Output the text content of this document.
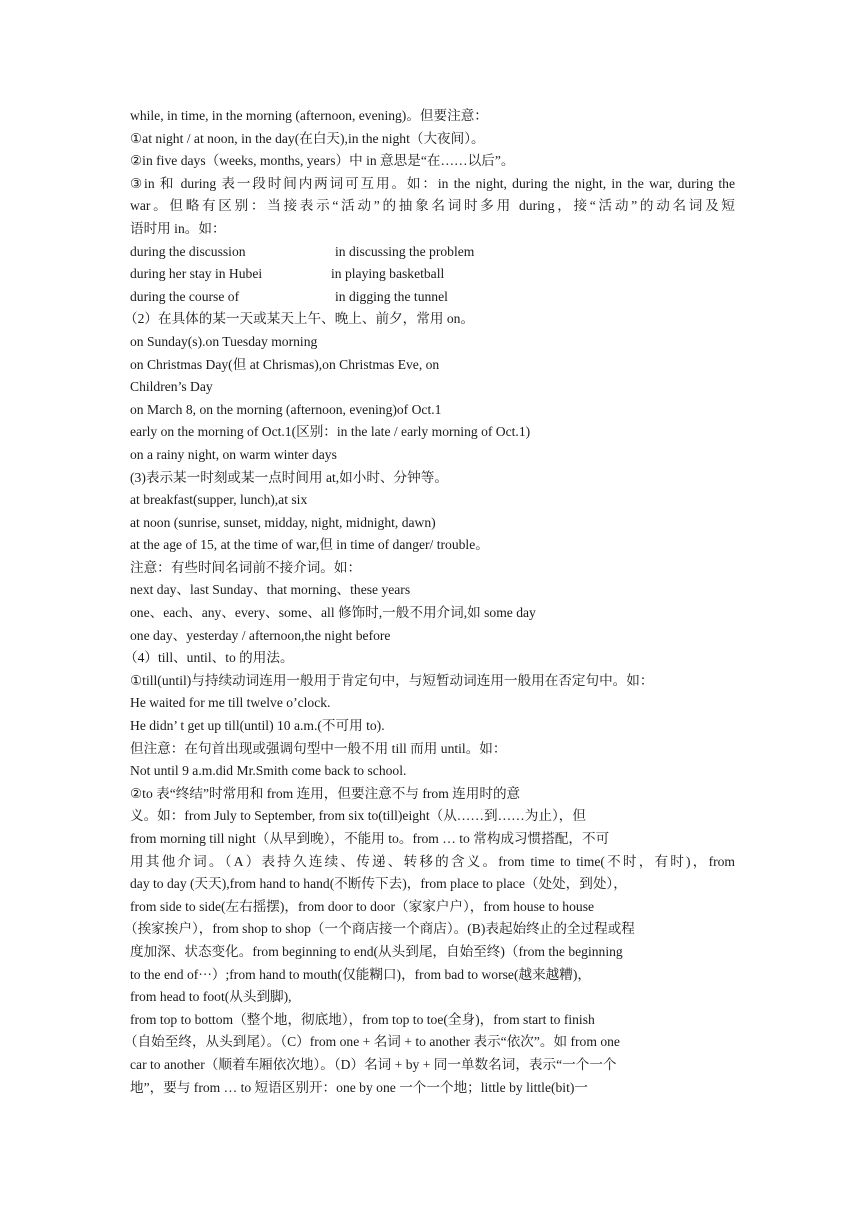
while, in time, in the morning (afternoon, evening)。但要注意：
①at night / at noon, in the day(在白天),in the night（大夜间）。
②in five days（weeks, months, years）中 in 意思是“在……以后”。
③in 和 during 表一段时间内两词可互用。如：in the night, during the night, in the war, during the
war。但略有区别：当接表示“活动”的抽象名词时多用 during，接“活动”的动名词及短
语时用 in。如：
during the discussion	in discussing the problem
during her stay in Hubei	in playing basketball
during the course of	in digging the tunnel
（2）在具体的某一天或某天上午、晚上、前夕，常用 on。
on Sunday(s).on Tuesday morning
on Christmas Day(但 at Chrismas),on Christmas Eve, on
Children’s Day
on March 8, on the morning (afternoon, evening)of Oct.1
early on the morning of Oct.1(区别：in the late / early morning of Oct.1)
on a rainy night, on warm winter days
(3)表示某一时刻或某一点时间用 at,如小时、分钟等。
at breakfast(supper, lunch),at six
at noon (sunrise, sunset, midday, night, midnight, dawn)
at the age of 15, at the time of war,但 in time of danger/ trouble。
注意：有些时间名词前不接介词。如：
next day、last Sunday、that morning、these years
one、each、any、every、some、all 修饰时,一般不用介词,如 some day
one day、yesterday / afternoon,the night before
（4）till、until、to 的用法。
①till(until)与持续动词连用一般用于肯定句中，与短暂动词连用一般用在否定句中。如：
He waited for me till twelve o’clock.
He didn’ t get up till(until) 10 a.m.(不可用 to).
但注意：在句首出现或强调句型中一般不用 till 而用 until。如：
Not until 9 a.m.did Mr.Smith come back to school.
②to 表“终结”时常用和 from 连用，但要注意不与 from 连用时的意
义。如：from July to September, from six to(till)eight（从……到……为止），但
from morning till night（从早到晚），不能用 to。from … to 常构成习惯搭配，不可
用其他介词。（A）表持久连续、传递、转移的含义。from time to time(不时，有时)，from
day to day (天天),from hand to hand(不断传下去)，from place to place（处处，到处），
from side to side(左右摇摆)，from door to door（家家户户），from house to house
（挨家挨户），from shop to shop（一个商店接一个商店）。(B)表起始终止的全过程或程
度加深、状态变化。from beginning to end(从头到尾，自始至终)（from the beginning
to the end of···）;from hand to mouth(仅能糊口)，from bad to worse(越来越糟)，
from head to foot(从头到脚),
from top to bottom（整个地，彻底地），from top to toe(全身)，from start to finish
（自始至终，从头到尾）。（C）from one + 名词 + to another 表示“依次”。如 from one
car to another（顺着车厢依次地）。（D）名词 + by + 同一单数名词，表示“一个一个
地”，要与 from … to 短语区别开：one by one 一个一个地；little by little(bit)一
